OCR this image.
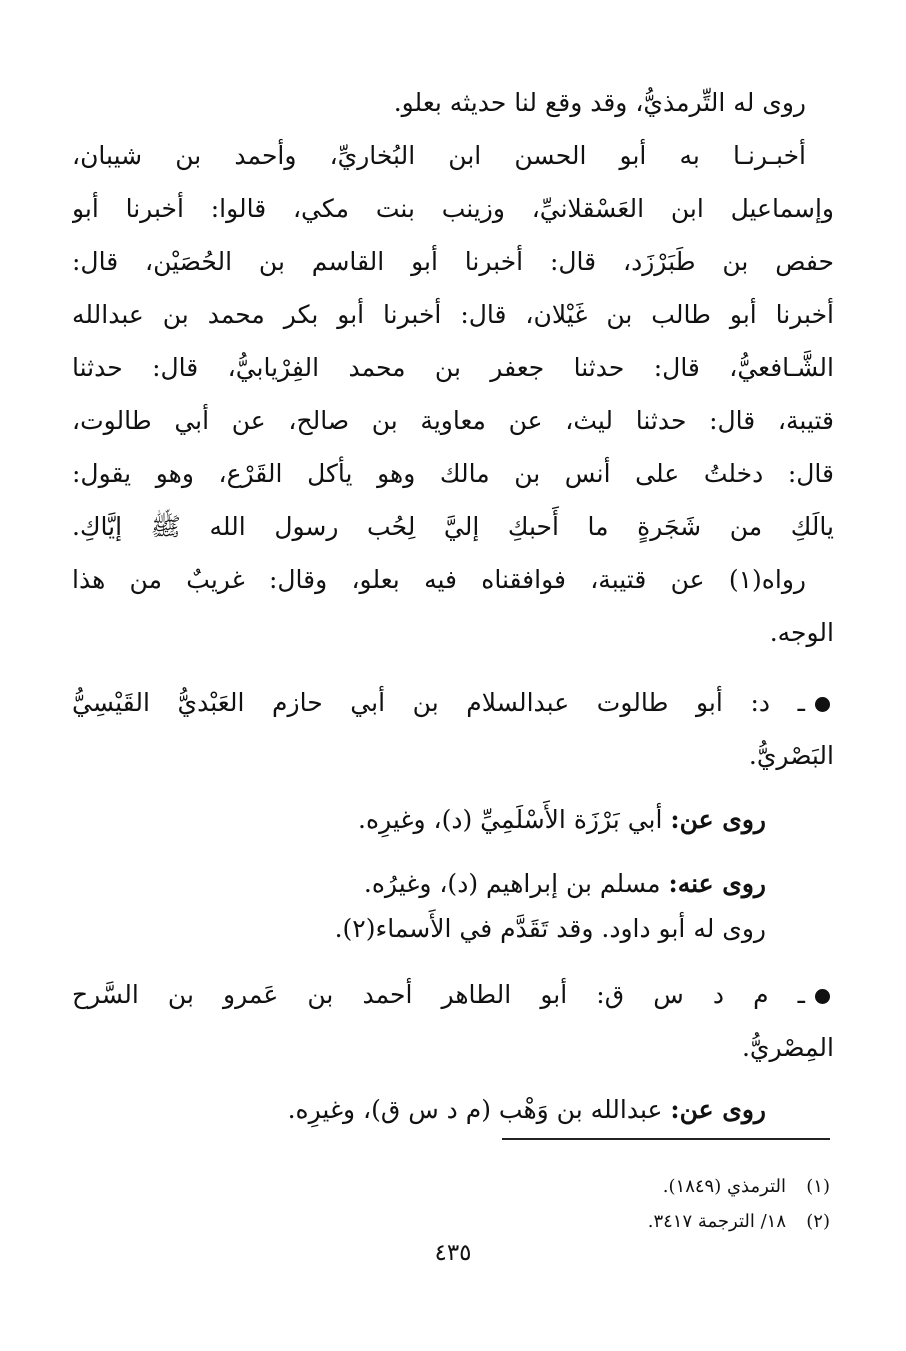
روى له التِّرمذيُّ، وقد وقع لنا حديثه بعلو.
أخبـرنـا به أبو الحسن ابن البُخاريِّ، وأحمد بن شيبان،
وإسماعيل ابن العَسْقلانيِّ، وزينب بنت مكي، قالوا: أخبرنا أبو
حفص بن طَبَرْزَد، قال: أخبرنا أبو القاسم بن الحُصَيْن، قال:
أخبرنا أبو طالب بن غَيْلان، قال: أخبرنا أبو بكر محمد بن عبدالله
الشَّـافعيُّ، قال: حدثنا جعفر بن محمد الفِرْيابيُّ، قال: حدثنا
قتيبة، قال: حدثنا ليث، عن معاوية بن صالح، عن أبي طالوت،
قال: دخلتُ على أنس بن مالك وهو يأكل القَرْع، وهو يقول:
يالَكِ من شَجَرةٍ ما أَحبكِ إليَّ لِحُب رسول الله ﷺ إيَّاكِ.
رواه(١) عن قتيبة، فوافقناه فيه بعلو، وقال: غريبٌ من هذا
الوجه.
ـ د: أبو طالوت عبدالسلام بن أبي حازم العَبْديُّ القَيْسِيُّ
البَصْريُّ.
روى عن: أبي بَرْزَة الأَسْلَمِيِّ (د)، وغيرِه.
روى عنه: مسلم بن إبراهيم (د)، وغيرُه.
روى له أبو داود. وقد تَقَدَّم في الأَسماء(٢).
ـ م د س ق: أبو الطاهر أحمد بن عَمرو بن السَّرح
المِصْريُّ.
روى عن: عبدالله بن وَهْب (م د س ق)، وغيرِه.
(١)الترمذي (١٨٤٩).
(٢)١٨/ الترجمة ٣٤١٧.
٤٣٥
